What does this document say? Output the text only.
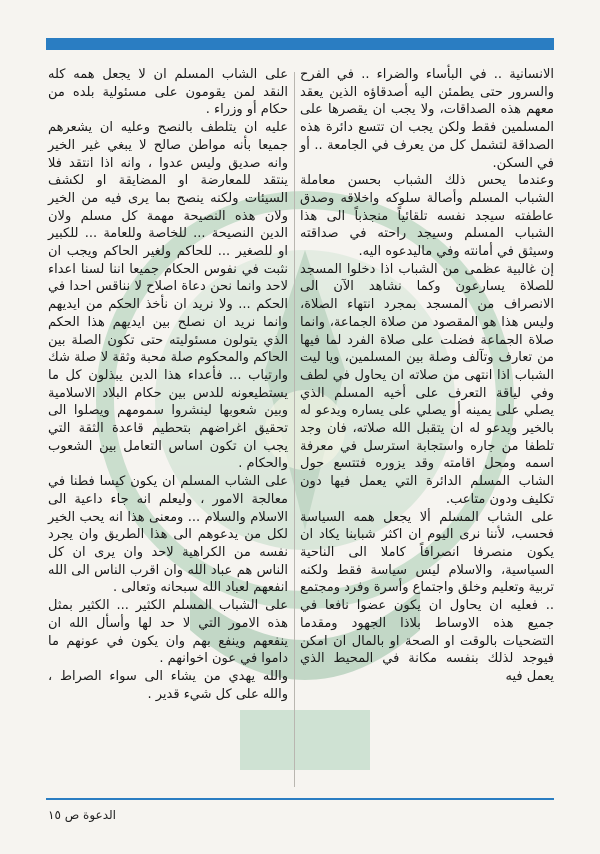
الانسانية .. في البأساء والضراء .. في الفرح والسرور حتى يطمئن اليه أصدقاؤه الذين يعقد معهم هذه الصداقات، ولا يجب ان يقصرها على المسلمين فقط ولكن يجب ان تتسع دائرة هذه الصداقة لتشمل كل من يعرف في الجامعة .. أو في السكن.

وعندما يحس ذلك الشباب بحسن معاملة الشباب المسلم وأصالة سلوكه واخلاقه وصدق عاطفته سيجد نفسه تلقائياً منجذباً الى هذا الشباب المسلم وسيجد راحته في صداقته وسيثق في أمانته وفي ماليدعوه اليه.

إن غالبية عظمى من الشباب اذا دخلوا المسجد للصلاة يسارعون وكما نشاهد الآن الى الانصراف من المسجد بمجرد انتهاء الصلاة، وليس هذا هو المقصود من صلاة الجماعة، وانما صلاة الجماعة فضلت على صلاة الفرد لما فيها من تعارف وتآلف وصلة بين المسلمين، ويا ليت الشباب اذا انتهى من صلاته ان يحاول في لطف وفي لياقة التعرف على أخيه المسلم الذي يصلي على يمينه أو يصلي على يساره ويدعو له بالخير ويدعو له ان يتقبل الله صلاته، فان وجد تلطفا من جاره واستجابة استرسل في معرفة اسمه ومحل اقامته وقد يزوره فتتسع حول الشاب المسلم الدائرة التي يعمل فيها دون تكليف ودون متاعب.

على الشاب المسلم ألا يجعل همه السياسة فحسب، لأننا نرى اليوم ان اكثر شبابنا يكاد ان يكون منصرفا انصرافاً كاملا الى الناحية السياسية، والاسلام ليس سياسة فقط ولكنه تربية وتعليم وخلق واجتماع وأسرة وفرد ومجتمع .. فعليه ان يحاول ان يكون عضوا نافعا في جميع هذه الاوساط بلاذا الجهود ومقدما التضحيات بالوقت او الصحة او بالمال ان امكن فيوجد لذلك بنفسه مكانة في المحيط الذي يعمل فيه

على الشاب المسلم ان لا يجعل همه كله النقد لمن يقومون على مسئولية بلده من حكام أو وزراء .

عليه ان يتلطف بالنصح وعليه ان يشعرهم جميعا بأنه مواطن صالح لا يبغي غير الخير وانه صديق وليس عدوا ، وانه اذا انتقد فلا ينتقد للمعارضة او المضايقة او لكشف السيئات ولكنه ينصح بما يرى فيه من الخير ولان هذه النصيحة مهمة كل مسلم ولان الدين النصيحة ... للخاصة وللعامة ... للكبير او للصغير ... للحاكم ولغير الحاكم ويجب ان نثبت في نفوس الحكام جميعا اننا لسنا اعداء لاحد وانما نحن دعاة اصلاح لا نناقس احدا في الحكم ... ولا نريد ان نأخذ الحكم من ايديهم وانما نريد ان نصلح بين ايديهم هذا الحكم الذي يتولون مسئوليته حتى تكون الصلة بين الحاكم والمحكوم صلة محبة وثقة لا صلة شك وارتياب ... فأعداء هذا الدين يبذلون كل ما يستطيعونه للدس بين حكام البلاد الاسلامية وبين شعوبها لينشروا سمومهم ويصلوا الى تحقيق اغراضهم بتحطيم قاعدة الثقة التي يجب ان تكون اساس التعامل بين الشعوب والحكام .

على الشاب المسلم ان يكون كيسا فطنا في معالجة الامور ، وليعلم انه جاء داعية الى الاسلام والسلام ... ومعنى هذا انه يحب الخير لكل من يدعوهم الى هذا الطريق وان يجرد نفسه من الكراهية لاحد وان يرى ان كل الناس هم عباد الله وان اقرب الناس الى الله انفعهم لعباد الله سبحانه وتعالى .

على الشباب المسلم الكثير ... الكثير بمثل هذه الامور التي لا حد لها وأسأل الله ان ينفعهم وينفع بهم وان يكون في عونهم ما داموا في عون اخوانهم .

والله يهدي من يشاء الى سواء الصراط ، والله على كل شيء قدير .

الدعوة ص ١٥
